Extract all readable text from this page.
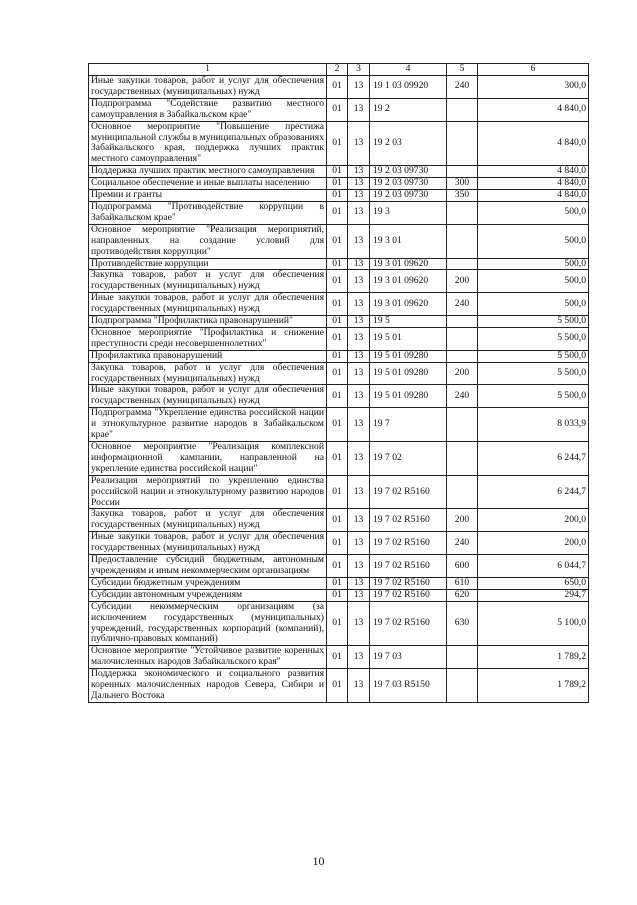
1	2	3	4	5	6
Иные закупки товаров, работ и услуг для обеспечения государственных (муниципальных) нужд	01	13	19 1 03 09920	240	300,0
Подпрограмма "Содействие развитию местного самоуправления в Забайкальском крае"	01	13	19 2		4 840,0
Основное мероприятие "Повышение престижа муниципальной службы в муниципальных образованиях Забайкальского края, поддержка лучших практик местного самоуправления"	01	13	19 2 03		4 840,0
Поддержка лучших практик местного самоуправления	01	13	19 2 03 09730		4 840,0
Социальное обеспечение и иные выплаты населению	01	13	19 2 03 09730	300	4 840,0
Премии и гранты	01	13	19 2 03 09730	350	4 840,0
Подпрограмма "Противодействие коррупции в Забайкальском крае"	01	13	19 3		500,0
Основное мероприятие "Реализация мероприятий, направленных на создание условий для противодействия коррупции"	01	13	19 3 01		500,0
Противодействие коррупции	01	13	19 3 01 09620		500,0
Закупка товаров, работ и услуг для обеспечения государственных (муниципальных) нужд	01	13	19 3 01 09620	200	500,0
Иные закупки товаров, работ и услуг для обеспечения государственных (муниципальных) нужд	01	13	19 3 01 09620	240	500,0
Подпрограмма "Профилактика правонарушений"	01	13	19 5		5 500,0
Основное мероприятие "Профилактика и снижение преступности среди несовершеннолетних"	01	13	19 5 01		5 500,0
Профилактика правонарушений	01	13	19 5 01 09280		5 500,0
Закупка товаров, работ и услуг для обеспечения государственных (муниципальных) нужд	01	13	19 5 01 09280	200	5 500,0
Иные закупки товаров, работ и услуг для обеспечения государственных (муниципальных) нужд	01	13	19 5 01 09280	240	5 500,0
Подпрограмма "Укрепление единства российской нации и этнокультурное развитие народов в Забайкальском крае"	01	13	19 7		8 033,9
Основное мероприятие "Реализация комплексной информационной кампании, направленной на укрепление единства российской нации"	01	13	19 7 02		6 244,7
Реализация мероприятий по укреплению единства российской нации и этнокультурному развитию народов России	01	13	19 7 02 R5160		6 244,7
Закупка товаров, работ и услуг для обеспечения государственных (муниципальных) нужд	01	13	19 7 02 R5160	200	200,0
Иные закупки товаров, работ и услуг для обеспечения государственных (муниципальных) нужд	01	13	19 7 02 R5160	240	200,0
Предоставление субсидий бюджетным, автономным учреждениям и иным некоммерческим организациям	01	13	19 7 02 R5160	600	6 044,7
Субсидии бюджетным учреждениям	01	13	19 7 02 R5160	610	650,0
Субсидии автономным учреждениям	01	13	19 7 02 R5160	620	294,7
Субсидии некоммерческим организациям (за исключением государственных (муниципальных) учреждений, государственных корпораций (компаний), публично-правовых компаний)	01	13	19 7 02 R5160	630	5 100,0
Основное мероприятие "Устойчивое развитие коренных малочисленных народов Забайкальского края"	01	13	19 7 03		1 789,2
Поддержка экономического и социального развития коренных малочисленных народов Севера, Сибири и Дальнего Востока	01	13	19 7 03 R5150		1 789,2
10
